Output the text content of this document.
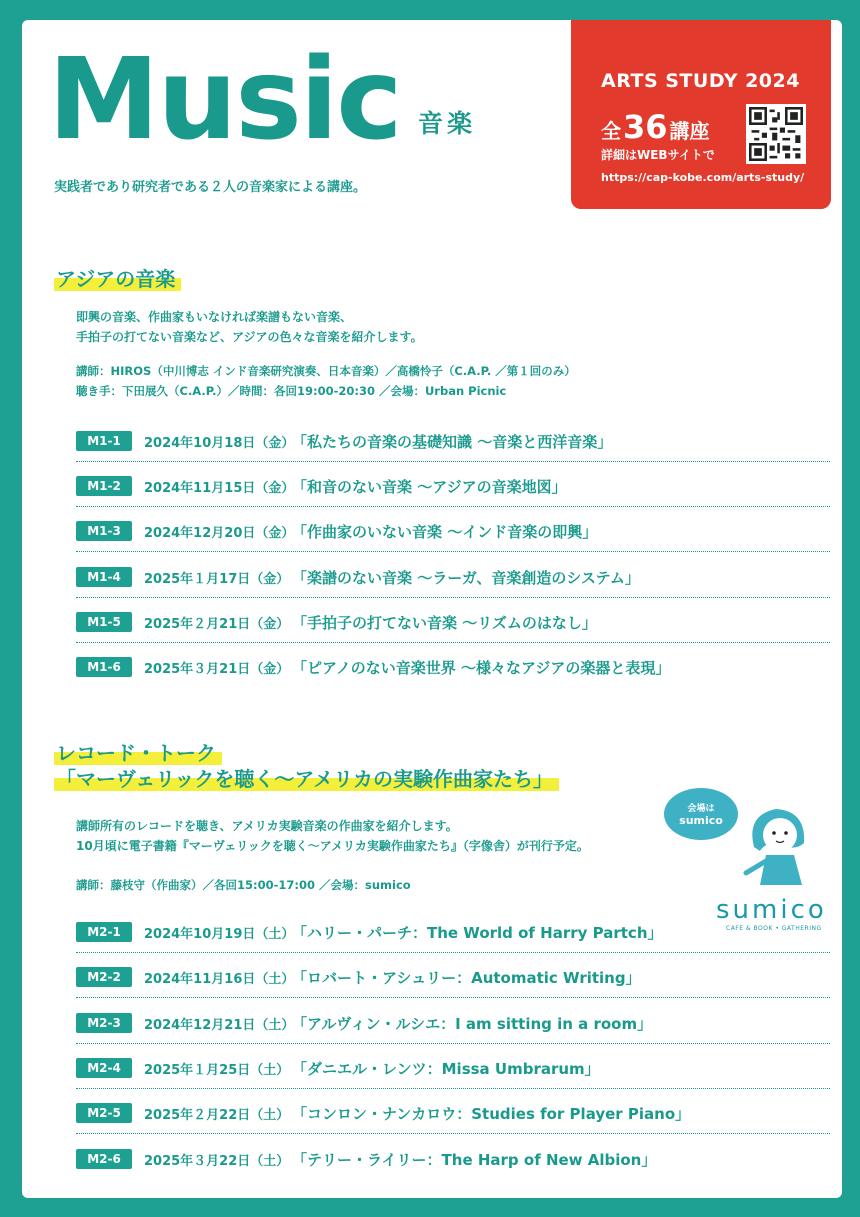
Music 音楽
実践者であり研究者である２人の音楽家による講座。
ARTS STUDY 2024
全 36 講座
詳細はWEBサイトで
https://cap-kobe.com/arts-study/
アジアの音楽
即興の音楽、作曲家もいなければ楽譜もない音楽、
手拍子の打てない音楽など、アジアの色々な音楽を紹介します。
講師：HIROS（中川博志 インド音楽研究演奏、日本音楽）／高橋怜子（C.A.P. ／第１回のみ）
聴き手：下田展久（C.A.P.）／時間：各回19:00-20:30 ／会場：Urban Picnic
M1-1	2024年10月18日（金）
「私たちの音楽の基礎知識 〜音楽と西洋音楽」
M1-2	2024年11月15日（金）
「和音のない音楽 〜アジアの音楽地図」
M1-3	2024年12月20日（金）
「作曲家のいない音楽 〜インド音楽の即興」
M1-4	2025年１月17日（金） 「楽譜のない音楽 〜ラーガ、音楽創造のシステム」
M1-5	2025年２月21日（金） 「手拍子の打てない音楽 〜リズムのはなし」
M1-6	2025年３月21日（金） 「ピアノのない音楽世界 〜様々なアジアの楽器と表現」
レコード・トーク
「マーヴェリックを聴く〜アメリカの実験作曲家たち」
講師所有のレコードを聴き、アメリカ実験音楽の作曲家を紹介します。
10月頃に電子書籍『マーヴェリックを聴く〜アメリカ実験作曲家たち』（字像舎）が刊行予定。
講師：藤枝守（作曲家）／各回15:00-17:00 ／会場：sumico
会場は
sumico
sumico
CAFE & BOOK • GATHERING
M2-1	2024年10月19日（土）
「ハリー・パーチ：The World of Harry Partch」
M2-2	2024年11月16日（土）
「ロバート・アシュリー：Automatic Writing」
M2-3	2024年12月21日（土）
「アルヴィン・ルシエ：I am sitting in a room」
M2-4	2025年１月25日（土） 「ダニエル・レンツ：Missa Umbrarum」
M2-5	2025年２月22日（土） 「コンロン・ナンカロウ：Studies for Player Piano」
M2-6	2025年３月22日（土） 「テリー・ライリー：The Harp of New Albion」
